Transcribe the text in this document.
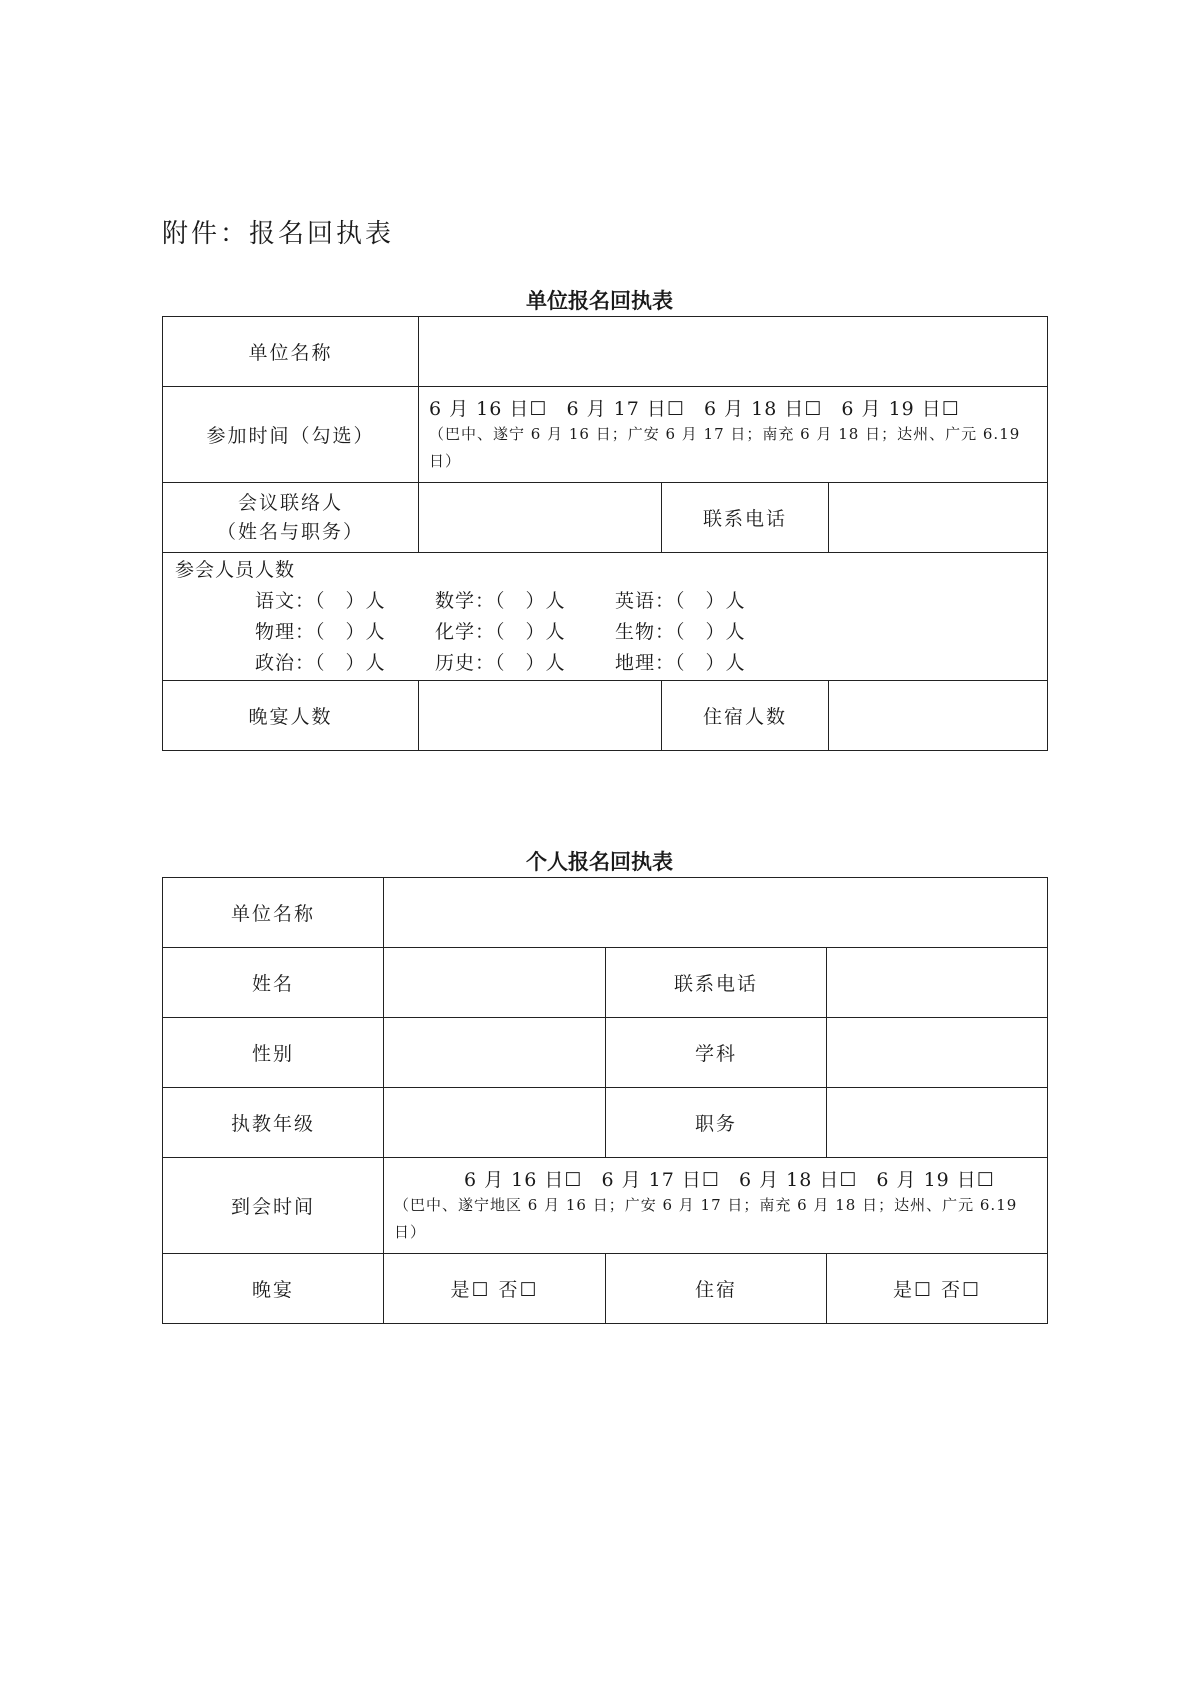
附件：报名回执表
单位报名回执表
单位名称			
参加时间（勾选）	6 月 16 日☐ 6 月 17 日☐ 6 月 18 日☐ 6 月 19 日☐
（巴中、遂宁 6 月 16 日；广安 6 月 17 日；南充 6 月 18 日；达州、广元 6.19 日）		

会议联络人
（姓名与职务）		联系电话	

参会人员人数
语文：（　）人 数学：（　）人 英语：（　）人
物理：（　）人 化学：（　）人 生物：（　）人
政治：（　）人 历史：（　）人 地理：（　）人			

晚宴人数		住宿人数	
个人报名回执表
单位名称			
姓名		联系电话	
性别		学科	
执教年级		职务	
到会时间	6 月 16 日☐ 6 月 17 日☐ 6 月 18 日☐ 6 月 19 日☐
（巴中、遂宁地区 6 月 16 日；广安 6 月 17 日；南充 6 月 18 日；达州、广元 6.19 日）		

晚宴	是☐ 否☐	住宿	是☐ 否☐
